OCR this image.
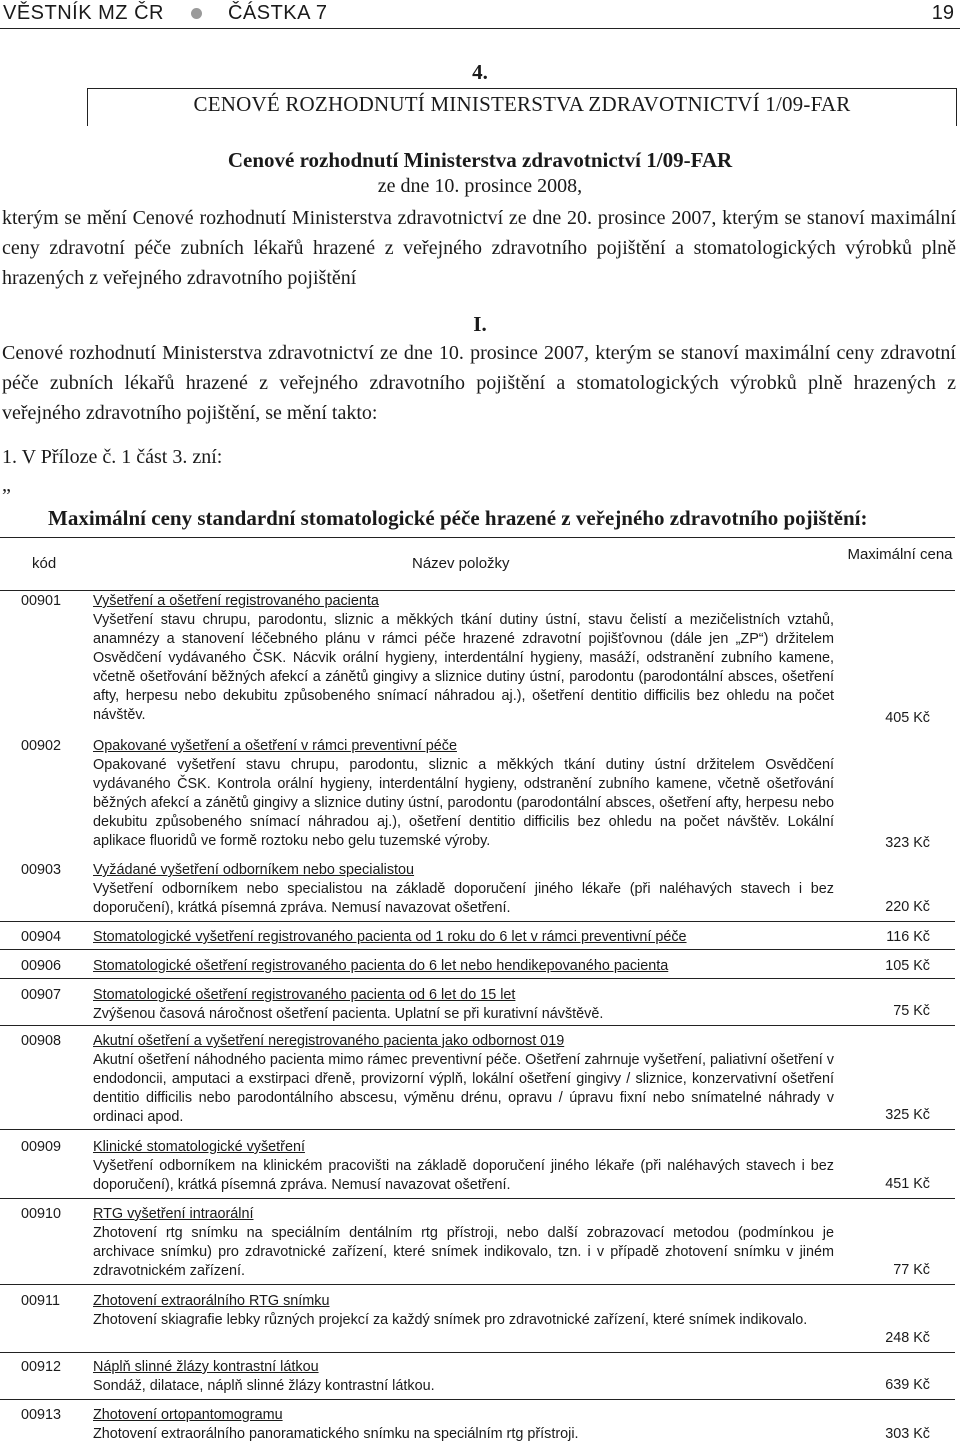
VĚSTNÍK MZ ČR	ČÁSTKA 7	19
4.
CENOVÉ ROZHODNUTÍ MINISTERSTVA ZDRAVOTNICTVÍ 1/09-FAR
Cenové rozhodnutí Ministerstva zdravotnictví 1/09-FAR
ze dne 10. prosince 2008,

kterým se mění Cenové rozhodnutí Ministerstva zdravotnictví ze dne 20. prosince 2007, kterým se stanoví maximální ceny zdravotní péče zubních lékařů hrazené z veřejného zdravotního pojištění a stomatologických výrobků plně hrazených z veřejného zdravotního pojištění

I.

Cenové rozhodnutí Ministerstva zdravotnictví ze dne 10. prosince 2007, kterým se stanoví maximální ceny zdravotní péče zubních lékařů hrazené z veřejného zdravotního pojištění a stomatologických výrobků plně hrazených z veřejného zdravotního pojištění, se mění takto:

1. V Příloze č. 1 část 3. zní:
„
Maximální ceny standardní stomatologické péče hrazené z veřejného zdravotního pojištění:
kód	Název položky
Maximální cena
00901 Vyšetření a ošetření registrovaného pacienta
Vyšetření stavu chrupu, parodontu, sliznic a měkkých tkání dutiny ústní, stavu čelistí a mezičelistních vztahů, anamnézy a stanovení léčebného plánu v rámci péče hrazené zdravotní pojišťovnou (dále jen „ZP“) držitelem Osvědčení vydávaného ČSK. Nácvik orální hygieny, interdentální hygieny, masáží, odstranění zubního kamene, včetně ošetřování běžných afekcí a zánětů gingivy a sliznice dutiny ústní, parodontu (parodontální absces, ošetření afty, herpesu nebo dekubitu způsobeného snímací náhradou aj.), ošetření dentitio difficilis bez ohledu na počet návštěv.	405 Kč
00902 Opakované vyšetření a ošetření v rámci preventivní péče
Opakované vyšetření stavu chrupu, parodontu, sliznic a měkkých tkání dutiny ústní držitelem Osvědčení vydávaného ČSK. Kontrola orální hygieny, interdentální hygieny, odstranění zubního kamene, včetně ošetřování běžných afekcí a zánětů gingivy a sliznice dutiny ústní, parodontu (parodontální absces, ošetření afty, herpesu nebo dekubitu způsobeného snímací náhradou aj.), ošetření dentitio difficilis bez ohledu na počet návštěv. Lokální aplikace fluoridů ve formě roztoku nebo gelu tuzemské výroby.	323 Kč
00903 Vyžádané vyšetření odborníkem nebo specialistou
Vyšetření odborníkem nebo specialistou na základě doporučení jiného lékaře (při naléhavých stavech i bez doporučení), krátká písemná zpráva. Nemusí navazovat ošetření.	220 Kč
00904 Stomatologické vyšetření registrovaného pacienta od 1 roku do 6 let v rámci preventivní péče	116 Kč
00906 Stomatologické ošetření registrovaného pacienta do 6 let nebo hendikepovaného pacienta	105 Kč
00907 Stomatologické ošetření registrovaného pacienta od 6 let do 15 let
Zvýšenou časová náročnost ošetření pacienta. Uplatní se při kurativní návštěvě.	75 Kč
00908 Akutní ošetření a vyšetření neregistrovaného pacienta jako odbornost 019
Akutní ošetření náhodného pacienta mimo rámec preventivní péče. Ošetření zahrnuje vyšetření, paliativní ošetření v endodoncii, amputaci a exstirpaci dřeně, provizorní výplň, lokální ošetření gingivy / sliznice, konzervativní ošetření dentitio difficilis nebo parodontálního abscesu, výměnu drénu, opravu / úpravu fixní nebo snímatelné náhrady v ordinaci apod.	325 Kč
00909 Klinické stomatologické vyšetření
Vyšetření odborníkem na klinickém pracovišti na základě doporučení jiného lékaře (při naléhavých stavech i bez doporučení), krátká písemná zpráva. Nemusí navazovat ošetření.	451 Kč
00910 RTG vyšetření intraorální
Zhotovení rtg snímku na speciálním dentálním rtg přístroji, nebo další zobrazovací metodou (podmínkou je archivace snímku) pro zdravotnické zařízení, které snímek indikovalo, tzn. i v případě zhotovení snímku v jiném zdravotnickém zařízení.	77 Kč
00911 Zhotovení extraorálního RTG snímku
Zhotovení skiagrafie lebky různých projekcí za každý snímek pro zdravotnické zařízení, které snímek indikovalo.
248 Kč
00912 Náplň slinné žlázy kontrastní látkou
Sondáž, dilatace, náplň slinné žlázy kontrastní látkou.	639 Kč
00913 Zhotovení ortopantomogramu
Zhotovení extraorálního panoramatického snímku na speciálním rtg přístroji.	303 Kč
